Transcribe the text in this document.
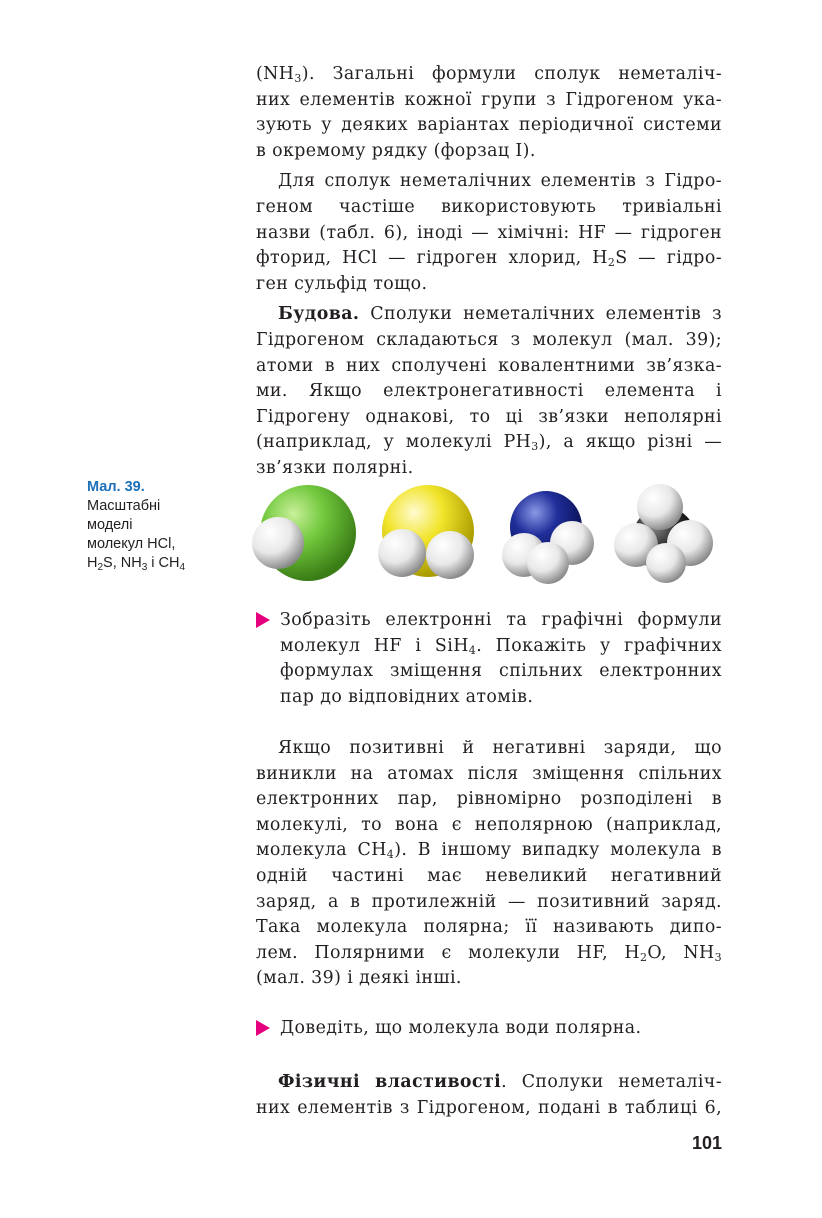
$(NH_3)$. Загальні формули сполук неметаліч-

них елементів кожної групи з Гідрогеном ука-

зують у деяких варіантах періодичної системи

в окремому рядку (форзац I).

Для сполук неметалічних елементів з Гідро-

геном частіше використовують тривіальні

назви (табл. 6), іноді — хімічні: HF — гідроген

фторид, HCl — гідроген хлорид, $H_2S$ — гідро-

ген сульфід тощо.

Будова. Сполуки неметалічних елементів з

Гідрогеном складаються з молекул (мал. 39);

атоми в них сполучені ковалентними зв’язка-

ми. Якщо електронегативності елемента і

Гідрогену однакові, то ці зв’язки неполярні

(наприклад, у молекулі $PH_3$), а якщо різні —

зв’язки полярні.

Мал. 39.
Масштабні
моделі
молекул HCl,
$H_2S$, $NH_3$ і $CH_4$

Зобразіть електронні та графічні формули

молекул HF і SiH$_4$. Покажіть у графічних

формулах зміщення спільних електронних

пар до відповідних атомів.

Якщо позитивні й негативні заряди, що

виникли на атомах після зміщення спільних

електронних пар, рівномірно розподілені в

молекулі, то вона є неполярною (наприклад,

молекула $CH_4$). В іншому випадку молекула в

одній частині має невеликий негативний

заряд, а в протилежній — позитивний заряд.

Така молекула полярна; її називають дипо-

лем. Полярними є молекули HF, $H_2O$, $NH_3$

(мал. 39) і деякі інші.

Доведіть, що молекула води полярна.

Фізичні властивості. Сполуки неметаліч-

них елементів з Гідрогеном, подані в таблиці 6,

101
